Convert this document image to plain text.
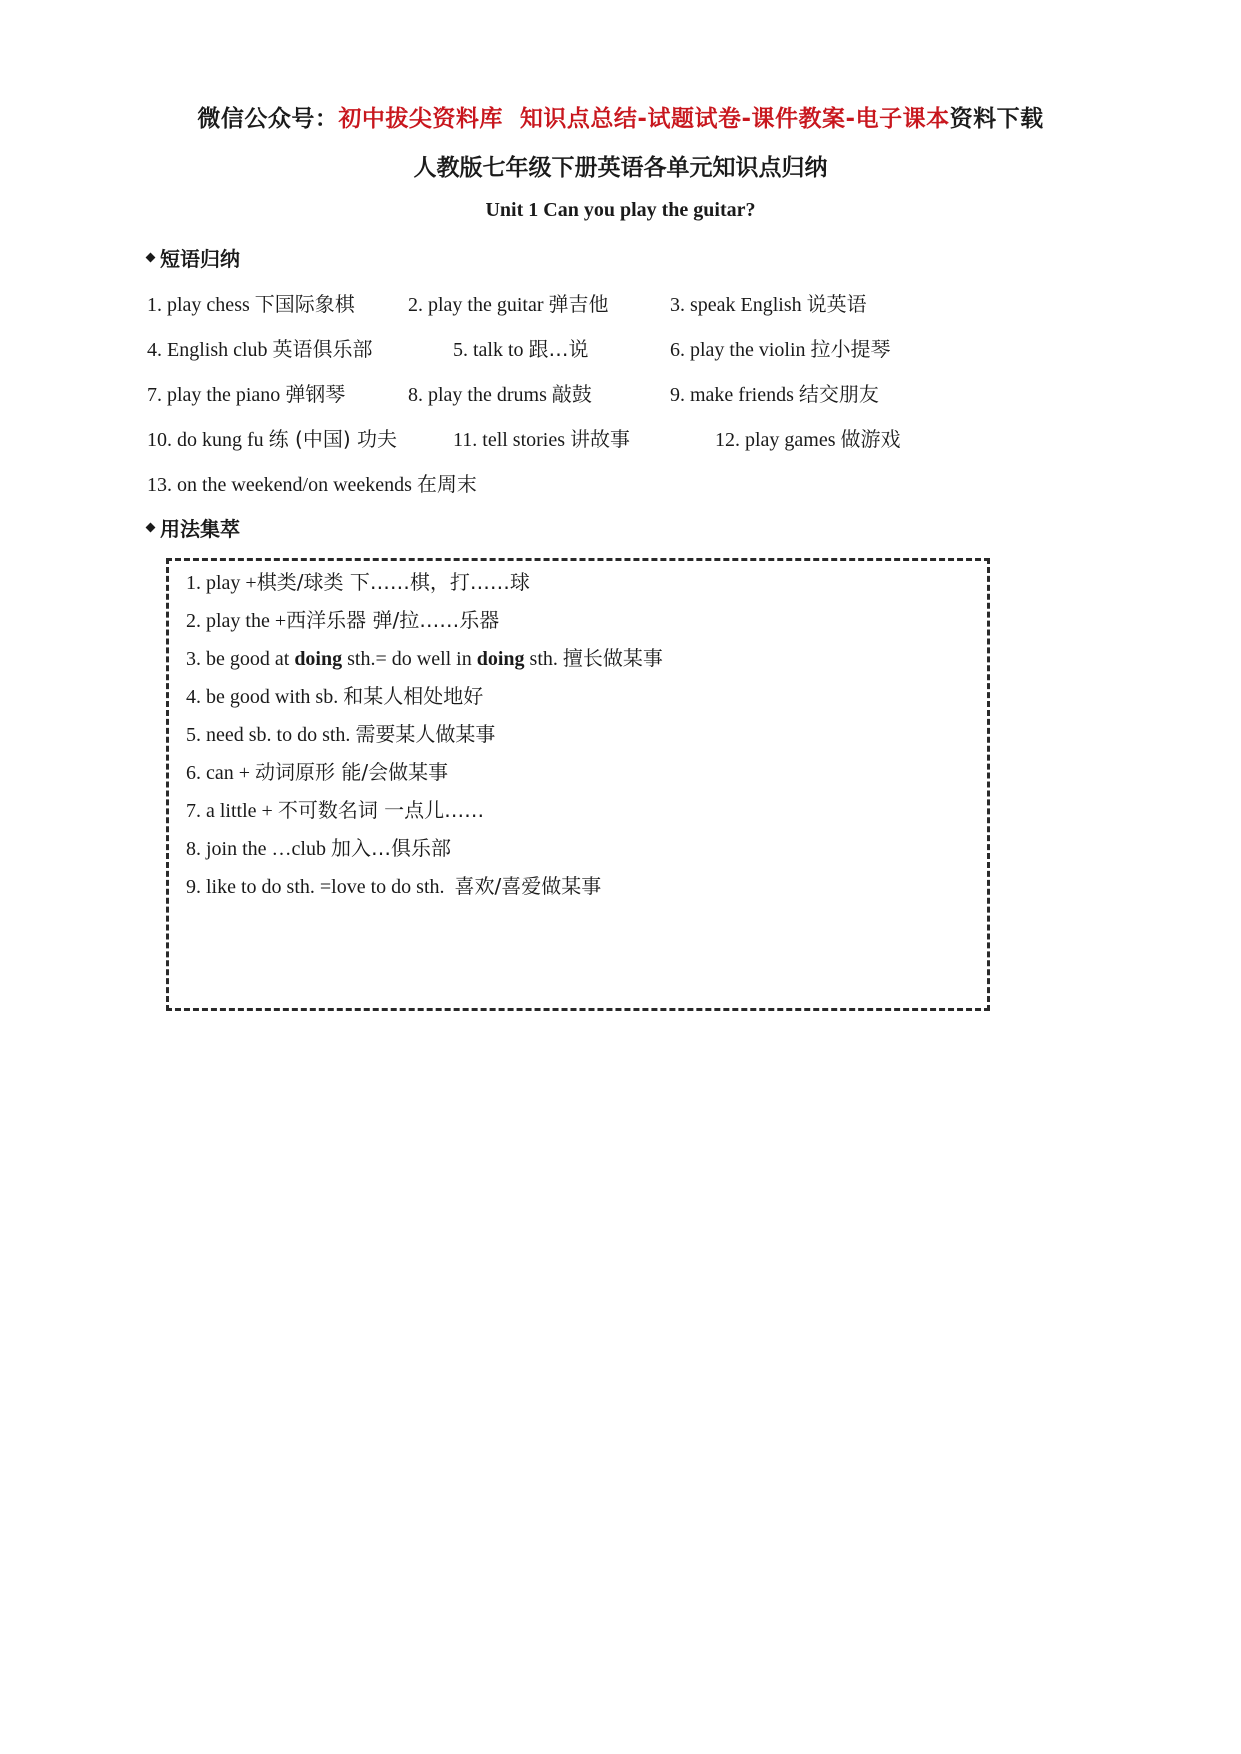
微信公众号：初中拔尖资料库  知识点总结-试题试卷-课件教案-电子课本资料下载
人教版七年级下册英语各单元知识点归纳
Unit 1 Can you play the guitar?
短语归纳
1. play chess 下国际象棋	2. play the guitar 弹吉他	3. speak English 说英语
4. English club 英语俱乐部	5. talk to 跟…说	6. play the violin 拉小提琴
7. play the piano 弹钢琴	8. play the drums 敲鼓	9. make friends 结交朋友
10. do kung fu 练 (中国) 功夫	11. tell stories 讲故事	12. play games 做游戏
13. on the weekend/on weekends 在周末
用法集萃
1. play +棋类/球类 下……棋，打……球
2. play the +西洋乐器 弹/拉……乐器
3. be good at doing sth.= do well in doing sth. 擅长做某事
4. be good with sb. 和某人相处地好
5. need sb. to do sth. 需要某人做某事
6. can + 动词原形 能/会做某事
7. a little + 不可数名词 一点儿……
8. join the …club 加入…俱乐部
9. like to do sth. =love to do sth.  喜欢/喜爱做某事
